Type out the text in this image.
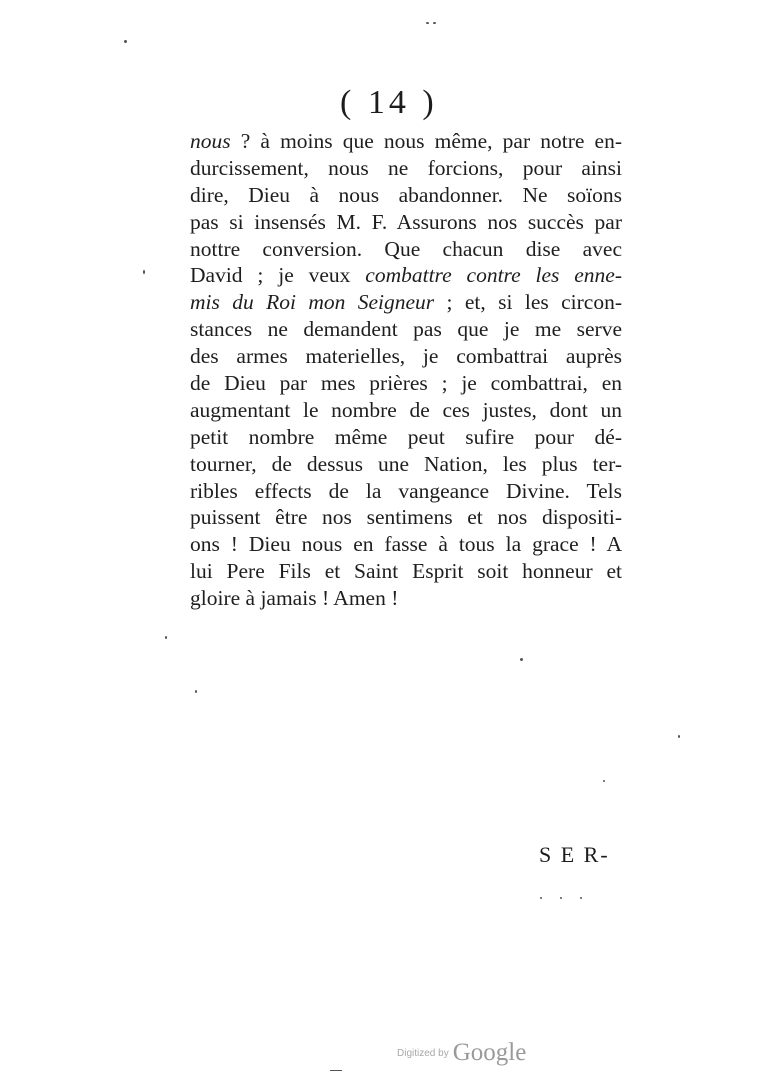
( 14 )
nous ? à moins que nous même, par notre en-
durcissement, nous ne forcions, pour ainsi
dire, Dieu à nous abandonner. Ne soïons
pas si insensés M. F. Assurons nos succès par
nottre conversion. Que chacun dise avec
David ; je veux combattre contre les enne-
mis du Roi mon Seigneur ; et, si les circon-
stances ne demandent pas que je me serve
des armes materielles, je combattrai auprès
de Dieu par mes prières ; je combattrai, en
augmentant le nombre de ces justes, dont un
petit nombre même peut sufire pour dé-
tourner, de dessus une Nation, les plus ter-
ribles effects de la vangeance Divine. Tels
puissent être nos sentimens et nos dispositi-
ons ! Dieu nous en fasse à tous la grace ! A
lui Pere Fils et Saint Esprit soit honneur et
gloire à jamais ! Amen !
S E R-
$^{Digitized by}$ Google
